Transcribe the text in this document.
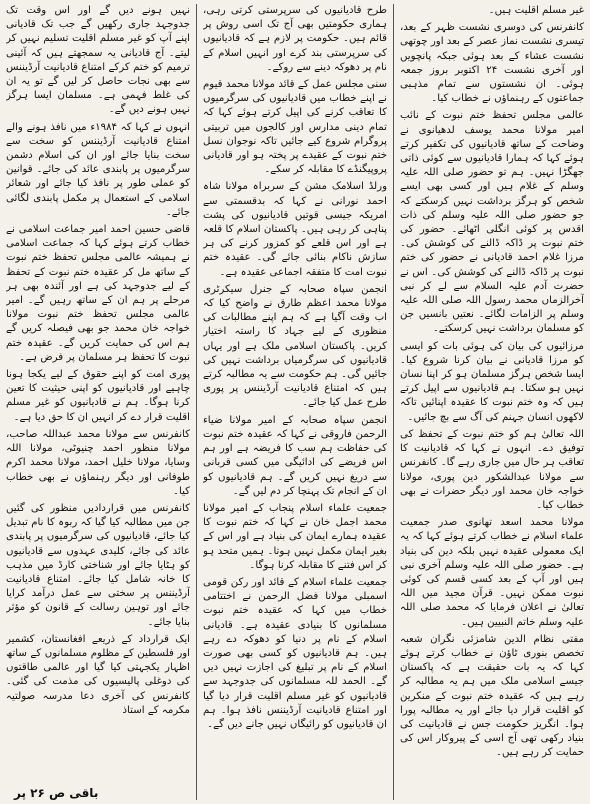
غیر مسلم اقلیت ہیں۔

کانفرنس کی دوسری نشست ظہر کے بعد، تیسری نشست نماز عصر کے بعد اور چوتھی نشست عشاء کے بعد ہوئی جبکہ پانچویں اور آخری نشست ۲۴ اکتوبر بروز جمعہ ہوئی۔ ان نشستوں سے تمام مذہبی جماعتوں کے رہنماؤں نے خطاب کیا۔

عالمی مجلس تحفظ ختم نبوت کے نائب امیر مولانا محمد یوسف لدھیانوی نے وضاحت کے ساتھ قادیانیوں کی تکفیر کرتے ہوئے کہا کہ ہمارا قادیانیوں سے کوئی ذاتی جھگڑا نہیں۔ ہم تو حضور صلی اللہ علیہ وسلم کے غلام ہیں اور کسی بھی ایسے شخص کو ہرگز برداشت نہیں کرسکتے کہ جو حضور صلی اللہ علیہ وسلم کی ذات اقدس پر کوئی انگلی اٹھائے۔ حضور کی ختم نبوت پر ڈاکہ ڈالنے کی کوشش کی۔ مرزا غلام احمد قادیانی نے حضور کی ختم نبوت پر ڈاکہ ڈالنے کی کوشش کی۔ اس نے حضرت آدم علیہ السلام سے لے کر نبی آخرالزماں محمد رسول اللہ صلی اللہ علیہ وسلم پر الزامات لگائے۔ نعتیں بانسیں جن کو مسلمان برداشت نہیں کرسکتے۔

مرزائیوں کی بیان کی ہوئی بات کو ایسی کو مرزا قادیانی نے بیان کرنا شروع کیا۔ ایسا شخص ہرگز مسلمان ہو کر اپنا نسان نہیں ہو سکتا۔ ہم قادیانیوں سے اپیل کرتے ہیں کہ وہ ختم نبوت کا عقیدہ اپنائیں تاکہ لاکھوں انسان جہنم کی آگ سے بچ جائیں۔

اللہ تعالیٰ ہم کو ختم نبوت کے تحفظ کی توفیق دے۔ انہوں نے کہا کہ قادیانیت کا تعاقب ہر حال میں جاری رہے گا۔ کانفرنس سے مولانا عبدالشکور دین پوری، مولانا خواجہ خان محمد اور دیگر حضرات نے بھی خطاب کیا۔

مولانا محمد اسعد تھانوی صدر جمعیت علماء اسلام نے خطاب کرتے ہوئے کہا کہ یہ ایک معمولی عقیدہ نہیں بلکہ دین کی بنیاد ہے۔ حضور صلی اللہ علیہ وسلم آخری نبی ہیں اور آپ کے بعد کسی قسم کی کوئی نبوت ممکن نہیں۔ قرآن مجید میں اللہ تعالیٰ نے اعلان فرمایا کہ محمد صلی اللہ علیہ وسلم خاتم النبیین ہیں۔

مفتی نظام الدین شامزئی نگران شعبہ تخصص بنوری ٹاؤن نے خطاب کرتے ہوئے کہا کہ یہ بات حقیقت ہے کہ پاکستان جیسے اسلامی ملک میں ہم یہ مطالبہ کر رہے ہیں کہ عقیدہ ختم نبوت کے منکرین کو اقلیت قرار دیا جائے اور یہ مطالبہ پورا ہوا۔ انگریز حکومت جس نے قادیانیت کی بنیاد رکھی تھی آج اسی کے پیروکار اس کی حمایت کر رہے ہیں۔

طرح قادیانیوں کی سرپرستی کرتی رہی، ہماری حکومتیں بھی آج تک اسی روش پر قائم ہیں۔ حکومت پر لازم ہے کہ قادیانیوں کی سرپرستی بند کرے اور انہیں اسلام کے نام پر دھوکہ دینے سے روکے۔

سنی مجلس عمل کے قائد مولانا محمد قیوم نے اپنے خطاب میں قادیانیوں کی سرگرمیوں کا تعاقب کرنے کی اپیل کرتے ہوئے کہا کہ تمام دینی مدارس اور کالجوں میں تربیتی پروگرام شروع کیے جائیں تاکہ نوجوان نسل ختم نبوت کے عقیدے پر پختہ ہو اور قادیانی پروپیگنڈے کا مقابلہ کر سکے۔

ورلڈ اسلامک مشن کے سربراہ مولانا شاہ احمد نورانی نے کہا کہ بدقسمتی سے امریکہ جیسی قوتیں قادیانیوں کی پشت پناہی کر رہی ہیں۔ پاکستان اسلام کا قلعہ ہے اور اس قلعے کو کمزور کرنے کی ہر سازش ناکام بنائی جائے گی۔ عقیدہ ختم نبوت امت کا متفقہ اجماعی عقیدہ ہے۔

انجمن سپاہ صحابہ کے جنرل سیکرٹری مولانا محمد اعظم طارق نے واضح کیا کہ اب وقت آگیا ہے کہ ہم اپنے مطالبات کی منظوری کے لیے جہاد کا راستہ اختیار کریں۔ پاکستان اسلامی ملک ہے اور یہاں قادیانیوں کی سرگرمیاں برداشت نہیں کی جائیں گی۔ ہم حکومت سے یہ مطالبہ کرتے ہیں کہ امتناع قادیانیت آرڈیننس پر پوری طرح عمل کیا جائے۔

انجمن سپاہ صحابہ کے امیر مولانا ضیاء الرحمن فاروقی نے کہا کہ عقیدہ ختم نبوت کی حفاظت ہم سب کا فریضہ ہے اور ہم اس فریضے کی ادائیگی میں کسی قربانی سے دریغ نہیں کریں گے۔ ہم قادیانیوں کو ان کے انجام تک پہنچا کر دم لیں گے۔

جمعیت علماء اسلام پنجاب کے امیر مولانا محمد اجمل خان نے کہا کہ ختم نبوت کا عقیدہ ہمارے ایمان کی بنیاد ہے اور اس کے بغیر ایمان مکمل نہیں ہوتا۔ ہمیں متحد ہو کر اس فتنے کا مقابلہ کرنا ہوگا۔

جمعیت علماء اسلام کے قائد اور رکن قومی اسمبلی مولانا فضل الرحمن نے اختتامی خطاب میں کہا کہ عقیدہ ختم نبوت مسلمانوں کا بنیادی عقیدہ ہے۔ قادیانی اسلام کے نام پر دنیا کو دھوکہ دے رہے ہیں۔ ہم قادیانیوں کو کسی بھی صورت اسلام کے نام پر تبلیغ کی اجازت نہیں دیں گے۔ الحمد للہ مسلمانوں کی جدوجہد سے قادیانیوں کو غیر مسلم اقلیت قرار دیا گیا اور امتناع قادیانیت آرڈیننس نافذ ہوا۔ ہم ان قادیانیوں کو رائیگاں نہیں جانے دیں گے۔

نہیں ہونے دیں گے اور اس وقت تک جدوجہد جاری رکھیں گے جب تک قادیانی اپنے آپ کو غیر مسلم اقلیت تسلیم نہیں کر لیتے۔ آج قادیانی یہ سمجھتے ہیں کہ آئینی ترمیم کو ختم کرکے امتناع قادیانیت آرڈیننس سے بھی نجات حاصل کر لیں گے تو یہ ان کی غلط فہمی ہے۔ مسلمان ایسا ہرگز نہیں ہونے دیں گے۔

انہوں نے کہا کہ ۱۹۸۴ء میں نافذ ہونے والے امتناع قادیانیت آرڈیننس کو سخت سے سخت بنایا جائے اور ان کی اسلام دشمن سرگرمیوں پر پابندی عائد کی جائے۔ قوانین کو عملی طور پر نافذ کیا جائے اور شعائر اسلامی کے استعمال پر مکمل پابندی لگائی جائے۔

قاضی حسین احمد امیر جماعت اسلامی نے خطاب کرتے ہوئے کہا کہ جماعت اسلامی نے ہمیشہ عالمی مجلس تحفظ ختم نبوت کے ساتھ مل کر عقیدہ ختم نبوت کے تحفظ کے لیے جدوجہد کی ہے اور آئندہ بھی ہر مرحلے پر ہم ان کے ساتھ رہیں گے۔ امیر عالمی مجلس تحفظ ختم نبوت مولانا خواجہ خان محمد جو بھی فیصلہ کریں گے ہم اس کی حمایت کریں گے۔ عقیدہ ختم نبوت کا تحفظ ہر مسلمان پر فرض ہے۔

پوری امت کو اپنے حقوق کے لیے یکجا ہونا چاہیے اور قادیانیوں کو اپنی حیثیت کا تعین کرنا ہوگا۔ ہم نے قادیانیوں کو غیر مسلم اقلیت قرار دے کر انہیں ان کا حق دیا ہے۔

کانفرنس سے مولانا محمد عبداللہ صاحب، مولانا منظور احمد چنیوٹی، مولانا اللہ وسایا، مولانا خلیل احمد، مولانا محمد اکرم طوفانی اور دیگر رہنماؤں نے بھی خطاب کیا۔

کانفرنس میں قراردادیں منظور کی گئیں جن میں مطالبہ کیا گیا کہ ربوہ کا نام تبدیل کیا جائے، قادیانیوں کی سرگرمیوں پر پابندی عائد کی جائے، کلیدی عہدوں سے قادیانیوں کو ہٹایا جائے اور شناختی کارڈ میں مذہب کا خانہ شامل کیا جائے۔ امتناع قادیانیت آرڈیننس پر سختی سے عمل درآمد کرایا جائے اور توہین رسالت کے قانون کو مؤثر بنایا جائے۔

ایک قرارداد کے ذریعے افغانستان، کشمیر اور فلسطین کے مظلوم مسلمانوں کے ساتھ اظہار یکجہتی کیا گیا اور عالمی طاقتوں کی دوغلی پالیسیوں کی مذمت کی گئی۔ کانفرنس کی آخری دعا مدرسہ صولتیہ مکرمہ کے استاذ

باقی ص ۲۶ پر
